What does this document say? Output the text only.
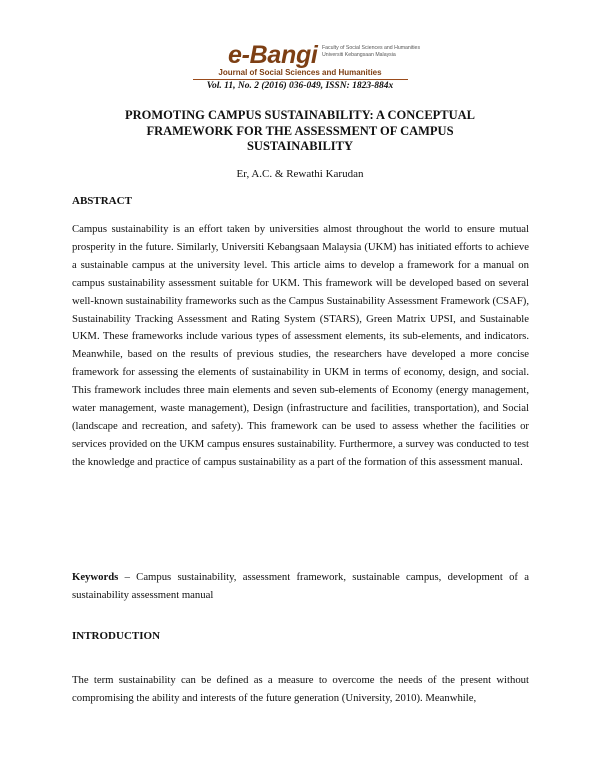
e-Bangi Faculty of Social Sciences and Humanities
Universiti Kebangsaan Malaysia
Journal of Social Sciences and Humanities
Vol. 11, No. 2 (2016) 036-049, ISSN: 1823-884x
PROMOTING CAMPUS SUSTAINABILITY: A CONCEPTUAL FRAMEWORK FOR THE ASSESSMENT OF CAMPUS SUSTAINABILITY
Er, A.C. & Rewathi Karudan
ABSTRACT

Campus sustainability is an effort taken by universities almost throughout the world to ensure mutual prosperity in the future. Similarly, Universiti Kebangsaan Malaysia (UKM) has initiated efforts to achieve a sustainable campus at the university level. This article aims to develop a framework for a manual on campus sustainability assessment suitable for UKM. This framework will be developed based on several well-known sustainability frameworks such as the Campus Sustainability Assessment Framework (CSAF), Sustainability Tracking Assessment and Rating System (STARS), Green Matrix UPSI, and Sustainable UKM. These frameworks include various types of assessment elements, its sub-elements, and indicators. Meanwhile, based on the results of previous studies, the researchers have developed a more concise framework for assessing the elements of sustainability in UKM in terms of economy, design, and social. This framework includes three main elements and seven sub-elements of Economy (energy management, water management, waste management), Design (infrastructure and facilities, transportation), and Social (landscape and recreation, and safety). This framework can be used to assess whether the facilities or services provided on the UKM campus ensures sustainability. Furthermore, a survey was conducted to test the knowledge and practice of campus sustainability as a part of the formation of this assessment manual.

Keywords – Campus sustainability, assessment framework, sustainable campus, development of a sustainability assessment manual

INTRODUCTION

The term sustainability can be defined as a measure to overcome the needs of the present without compromising the ability and interests of the future generation (University, 2010). Meanwhile,
